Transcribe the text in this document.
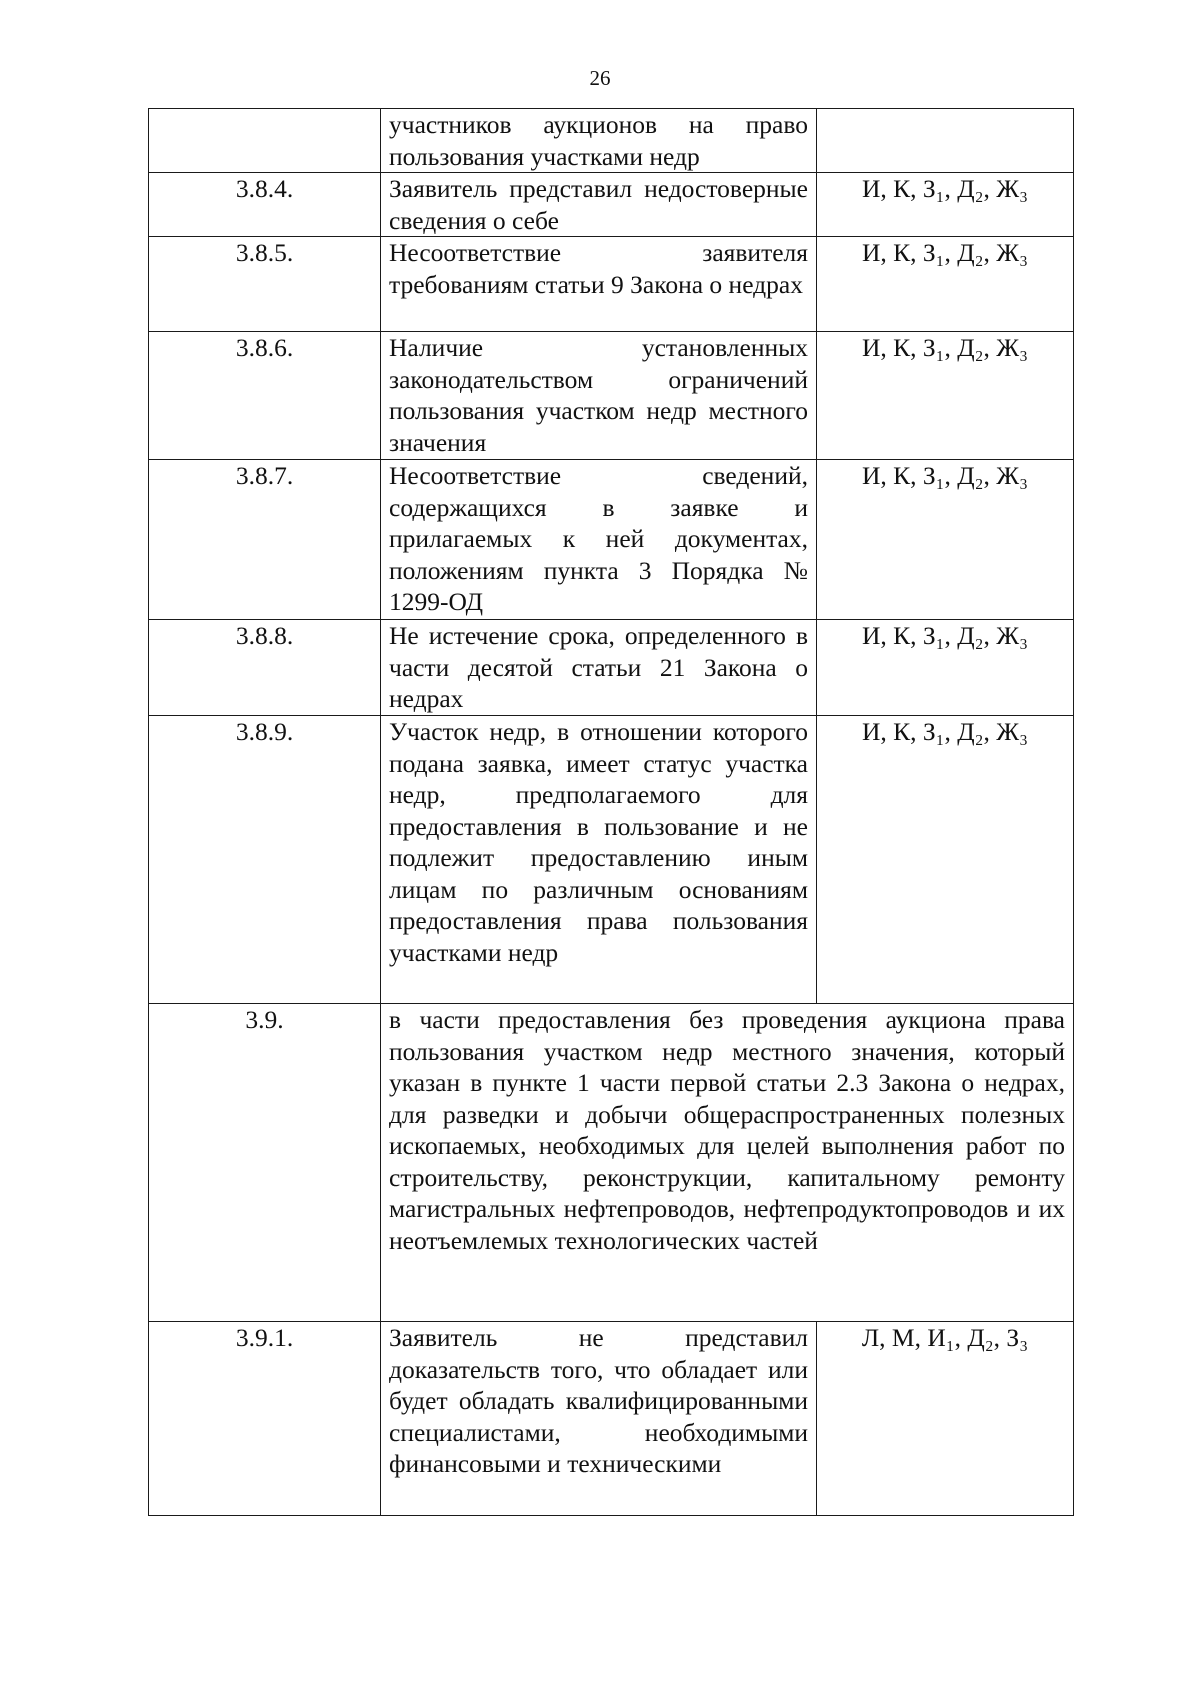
26
	участников аукционов на право пользования участками недр	
3.8.4.	Заявитель представил недостоверные сведения о себе	И, К, З₁, Д₂, Ж₃
3.8.5.	Несоответствие заявителя требованиям статьи 9 Закона о недрах	И, К, З₁, Д₂, Ж₃
3.8.6.	Наличие установленных законодательством ограничений пользования участком недр местного значения	И, К, З₁, Д₂, Ж₃
3.8.7.	Несоответствие сведений, содержащихся в заявке и прилагаемых к ней документах, положениям пункта 3 Порядка № 1299-ОД	И, К, З₁, Д₂, Ж₃
3.8.8.	Не истечение срока, определенного в части десятой статьи 21 Закона о недрах	И, К, З₁, Д₂, Ж₃
3.8.9.	Участок недр, в отношении которого подана заявка, имеет статус участка недр, предполагаемого для предоставления в пользование и не подлежит предоставлению иным лицам по различным основаниям предоставления права пользования участками недр	И, К, З₁, Д₂, Ж₃
3.9.	в части предоставления без проведения аукциона права пользования участком недр местного значения, который указан в пункте 1 части первой статьи 2.3 Закона о недрах, для разведки и добычи общераспространенных полезных ископаемых, необходимых для целей выполнения работ по строительству, реконструкции, капитальному ремонту магистральных нефтепроводов, нефтепродуктопроводов и их неотъемлемых технологических частей	
3.9.1.	Заявитель не представил доказательств того, что обладает или будет обладать квалифицированными специалистами, необходимыми финансовыми и техническими	Л, М, И₁, Д₂, З₃
